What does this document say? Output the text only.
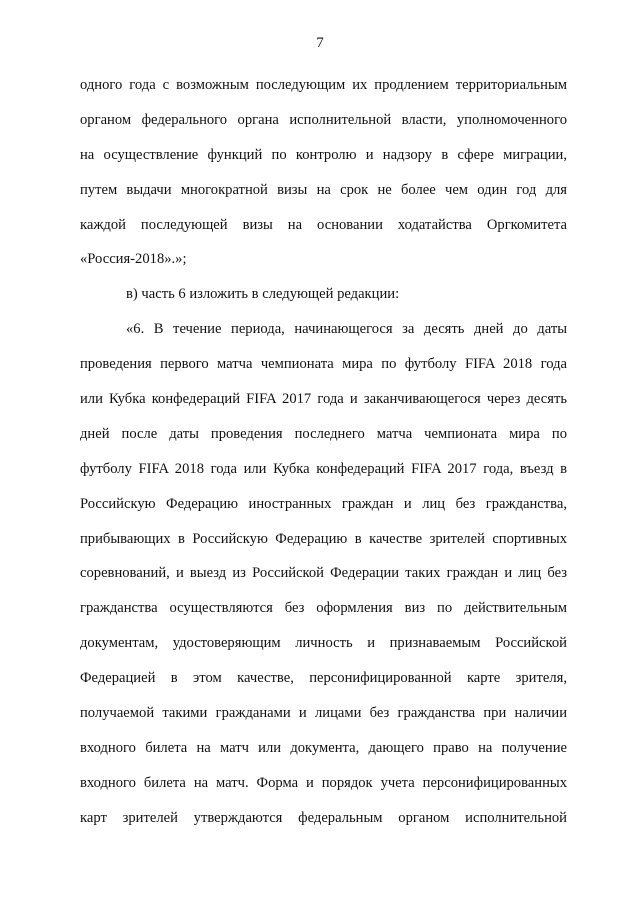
7
одного года с возможным последующим их продлением территориальным
органом федерального органа исполнительной власти, уполномоченного
на осуществление функций по контролю и надзору в сфере миграции,
путем выдачи многократной визы на срок не более чем один год для
каждой последующей визы на основании ходатайства Оргкомитета
«Россия-2018».»;
в) часть 6 изложить в следующей редакции:
«6. В течение периода, начинающегося за десять дней до даты
проведения первого матча чемпионата мира по футболу FIFA 2018 года
или Кубка конфедераций FIFA 2017 года и заканчивающегося через десять
дней после даты проведения последнего матча чемпионата мира по
футболу FIFA 2018 года или Кубка конфедераций FIFA 2017 года, въезд в
Российскую Федерацию иностранных граждан и лиц без гражданства,
прибывающих в Российскую Федерацию в качестве зрителей спортивных
соревнований, и выезд из Российской Федерации таких граждан и лиц без
гражданства осуществляются без оформления виз по действительным
документам, удостоверяющим личность и признаваемым Российской
Федерацией в этом качестве, персонифицированной карте зрителя,
получаемой такими гражданами и лицами без гражданства при наличии
входного билета на матч или документа, дающего право на получение
входного билета на матч. Форма и порядок учета персонифицированных
карт зрителей утверждаются федеральным органом исполнительной
